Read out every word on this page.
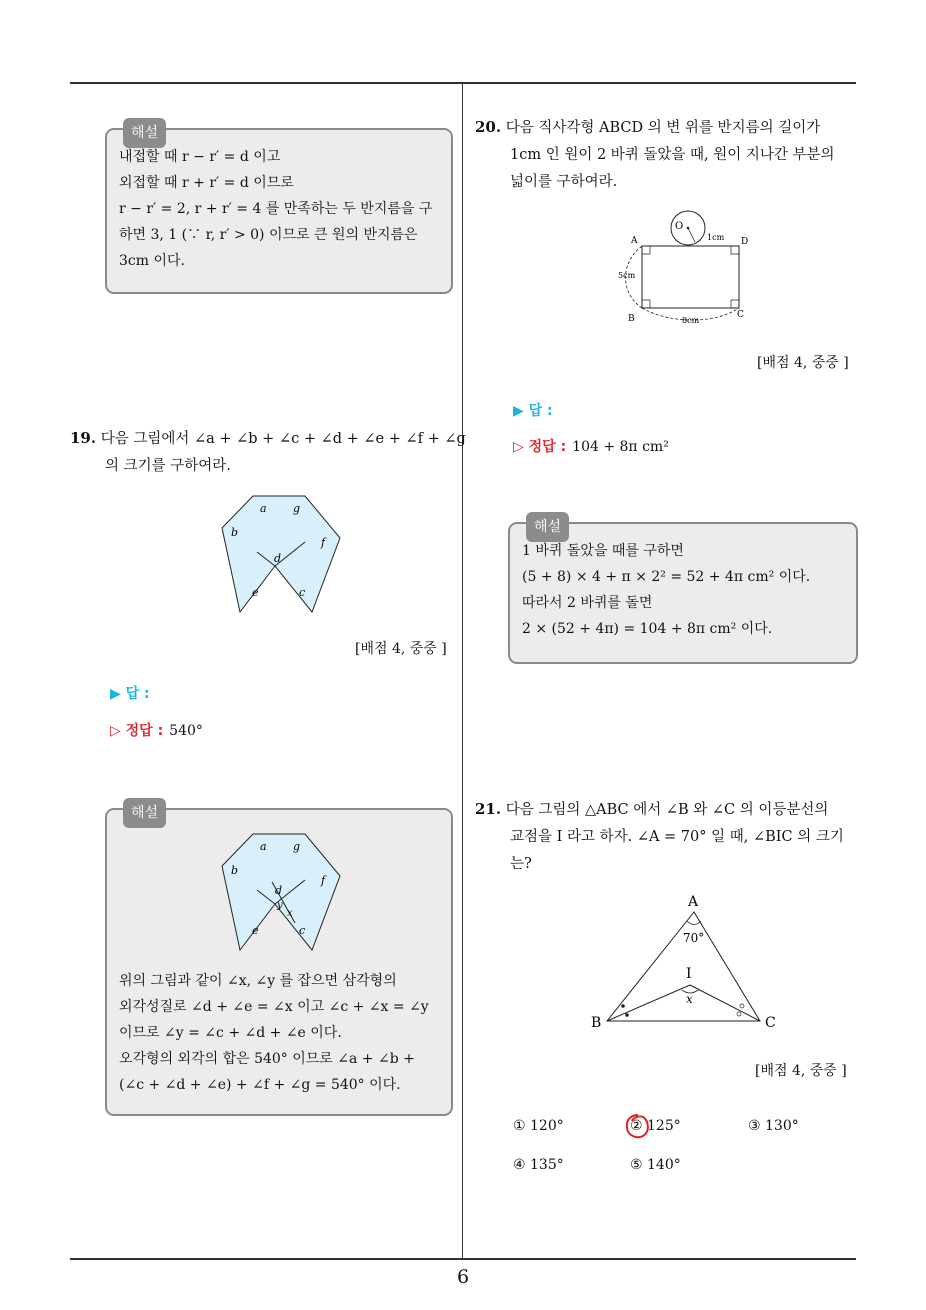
6
해설
내접할 때 r − r′ = d 이고
외접할 때 r + r′ = d 이므로
r − r′ = 2, r + r′ = 4 를 만족하는 두 반지름을 구
하면 3, 1 (∵ r, r′ > 0) 이므로 큰 원의 반지름은
3cm 이다.
19. 다음 그림에서 ∠a + ∠b + ∠c + ∠d + ∠e + ∠f + ∠g
의 크기를 구하여라.
a g
b
f
d
e	c
[배점 4, 중중 ]
▶ 답 :
▷ 정답 : 540°
해설
a g
b
f
d
y
x
e	c
위의 그림과 같이 ∠x, ∠y 를 잡으면 삼각형의
외각성질로 ∠d + ∠e = ∠x 이고 ∠c + ∠x = ∠y
이므로 ∠y = ∠c + ∠d + ∠e 이다.
오각형의 외각의 합은 540° 이므로 ∠a + ∠b +
(∠c + ∠d + ∠e) + ∠f + ∠g = 540° 이다.
20. 다음 직사각형 ABCD 의 변 위를 반지름의 길이가
1cm 인 원이 2 바퀴 돌았을 때, 원이 지나간 부분의
넓이를 구하여라.
O
A	D
B	C
1cm
5cm
8cm
[배점 4, 중중 ]
▶ 답 :
▷ 정답 : 104 + 8π cm²
해설
1 바퀴 돌았을 때를 구하면
(5 + 8) × 4 + π × 2² = 52 + 4π cm² 이다.
따라서 2 바퀴를 돌면
2 × (52 + 4π) = 104 + 8π cm² 이다.
21. 다음 그림의 △ABC 에서 ∠B 와 ∠C 의 이등분선의
교점을 I 라고 하자. ∠A = 70° 일 때, ∠BIC 의 크기
는?
A
70°
I
x
B	C
[배점 4, 중중 ]
① 120°	② 125°	③ 130°
④ 135°	⑤ 140°
